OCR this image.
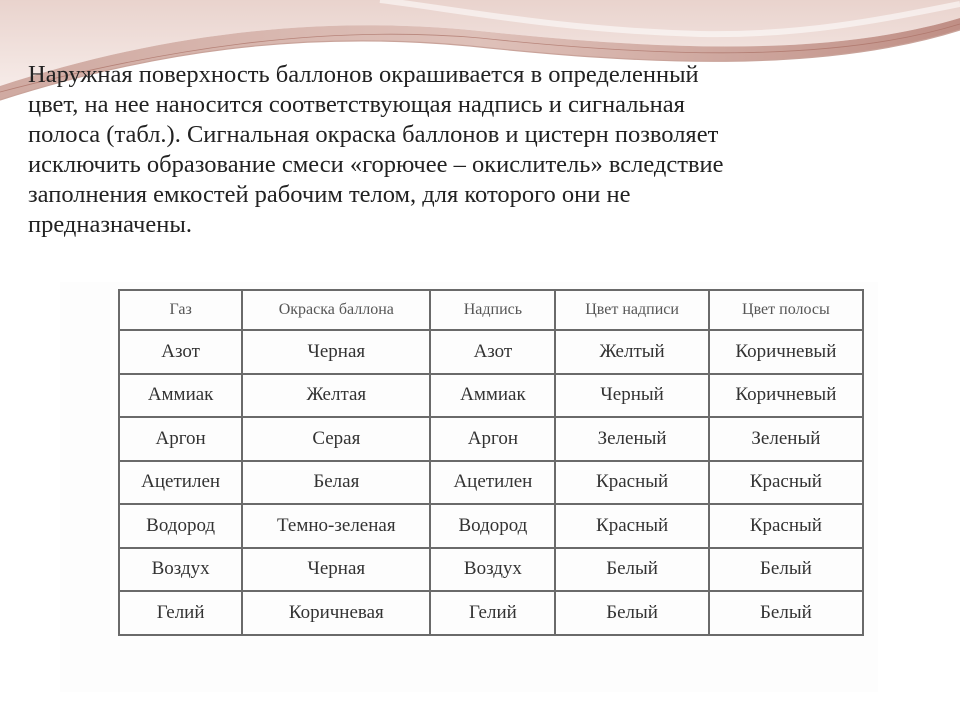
Наружная поверхность баллонов окрашивается в определенный
цвет, на нее наносится соответствующая надпись и сигнальная
полоса (табл.). Сигнальная окраска баллонов и цистерн позволяет
исключить образование смеси «горючее – окислитель» вследствие
заполнения емкостей рабочим телом, для которого они не
предназначены.

Газ	Окраска баллона	Надпись	Цвет надписи	Цвет полосы
Азот	Черная	Азот	Желтый	Коричневый
Аммиак	Желтая	Аммиак	Черный	Коричневый
Аргон	Серая	Аргон	Зеленый	Зеленый
Ацетилен	Белая	Ацетилен	Красный	Красный
Водород	Темно-зеленая	Водород	Красный	Красный
Воздух	Черная	Воздух	Белый	Белый
Гелий	Коричневая	Гелий	Белый	Белый
